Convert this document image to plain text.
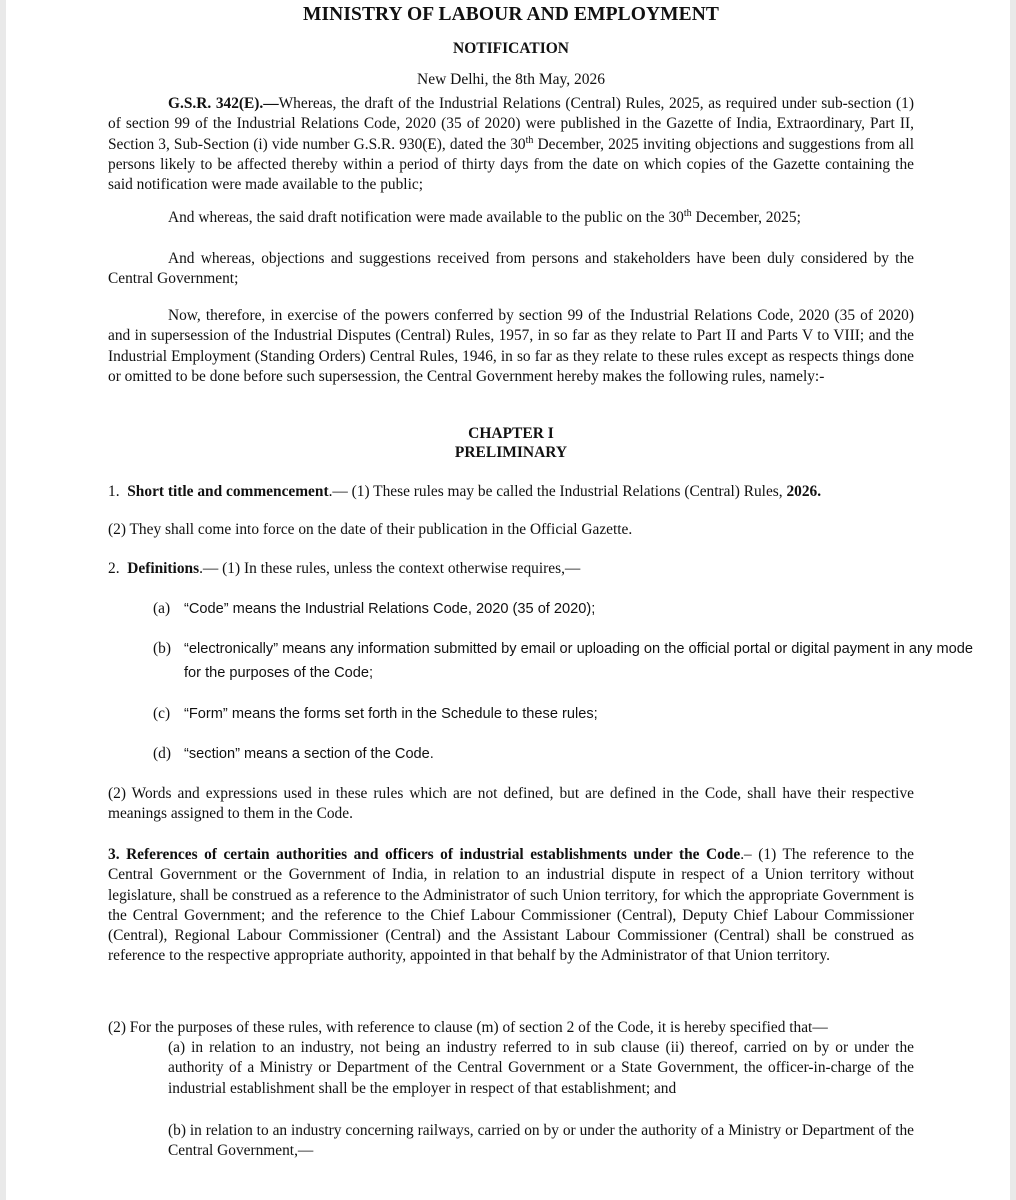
MINISTRY OF LABOUR AND EMPLOYMENT
NOTIFICATION
New Delhi, the 8th May, 2026

G.S.R. 342(E).—Whereas, the draft of the Industrial Relations (Central) Rules, 2025, as required under sub-section (1) of section 99 of the Industrial Relations Code, 2020 (35 of 2020) were published in the Gazette of India, Extraordinary, Part II, Section 3, Sub-Section (i) vide number G.S.R. 930(E), dated the 30th December, 2025 inviting objections and suggestions from all persons likely to be affected thereby within a period of thirty days from the date on which copies of the Gazette containing the said notification were made available to the public;

And whereas, the said draft notification were made available to the public on the 30th December, 2025;

And whereas, objections and suggestions received from persons and stakeholders have been duly considered by the Central Government;

Now, therefore, in exercise of the powers conferred by section 99 of the Industrial Relations Code, 2020 (35 of 2020) and in supersession of the Industrial Disputes (Central) Rules, 1957, in so far as they relate to Part II and Parts V to VIII; and the Industrial Employment (Standing Orders) Central Rules, 1946, in so far as they relate to these rules except as respects things done or omitted to be done before such supersession, the Central Government hereby makes the following rules, namely:-

CHAPTER I
PRELIMINARY

1. Short title and commencement.— (1) These rules may be called the Industrial Relations (Central) Rules, 2026.

(2) They shall come into force on the date of their publication in the Official Gazette.

2. Definitions.— (1) In these rules, unless the context otherwise requires,—

(a) “Code” means the Industrial Relations Code, 2020 (35 of 2020);
(b) “electronically” means any information submitted by email or uploading on the official portal or digital payment in any mode for the purposes of the Code;
(c) “Form” means the forms set forth in the Schedule to these rules;
(d) “section” means a section of the Code.

(2) Words and expressions used in these rules which are not defined, but are defined in the Code, shall have their respective meanings assigned to them in the Code.

3. References of certain authorities and officers of industrial establishments under the Code.– (1) The reference to the Central Government or the Government of India, in relation to an industrial dispute in respect of a Union territory without legislature, shall be construed as a reference to the Administrator of such Union territory, for which the appropriate Government is the Central Government; and the reference to the Chief Labour Commissioner (Central), Deputy Chief Labour Commissioner (Central), Regional Labour Commissioner (Central) and the Assistant Labour Commissioner (Central) shall be construed as reference to the respective appropriate authority, appointed in that behalf by the Administrator of that Union territory.

(2) For the purposes of these rules, with reference to clause (m) of section 2 of the Code, it is hereby specified that—

(a) in relation to an industry, not being an industry referred to in sub clause (ii) thereof, carried on by or under the authority of a Ministry or Department of the Central Government or a State Government, the officer-in-charge of the industrial establishment shall be the employer in respect of that establishment; and

(b) in relation to an industry concerning railways, carried on by or under the authority of a Ministry or Department of the Central Government,—
